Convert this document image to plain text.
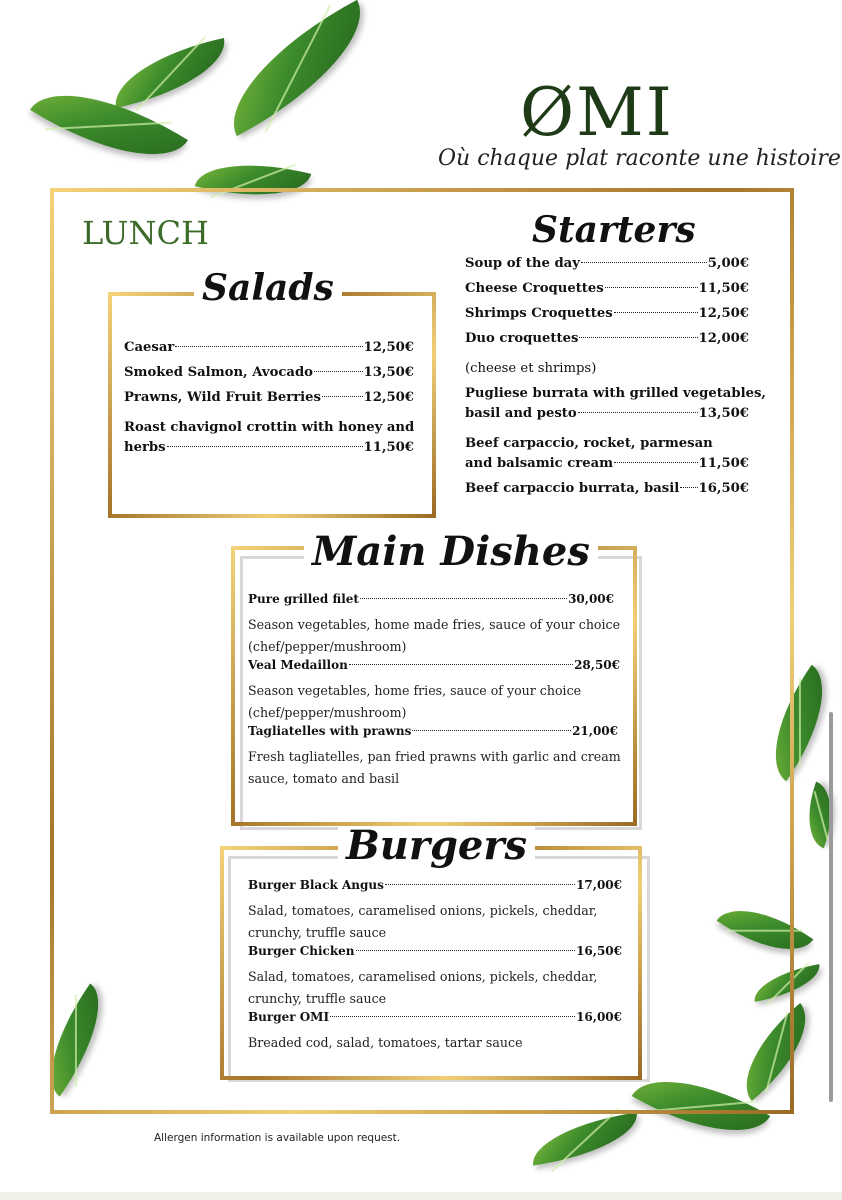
ØMI
Où chaque plat raconte une histoire
LUNCH
Salads
Caesar	12,50€
Smoked Salmon, Avocado	13,50€
Prawns, Wild Fruit Berries	12,50€
Roast chavignol crottin with honey and
herbs	11,50€
Starters
Soup of the day	5,00€
Cheese Croquettes	11,50€
Shrimps Croquettes	12,50€
Duo croquettes	12,00€
(cheese et shrimps)
Pugliese burrata with grilled vegetables,
basil and pesto	13,50€
Beef carpaccio, rocket, parmesan
and balsamic cream	11,50€
Beef carpaccio burrata, basil 16,50€
Main Dishes
Pure grilled filet	30,00€
Season vegetables, home made fries, sauce of your choice
(chef/pepper/mushroom)
Veal Medaillon	28,50€
Season vegetables, home fries, sauce of your choice
(chef/pepper/mushroom)
Tagliatelles with prawns	21,00€
Fresh tagliatelles, pan fried prawns with garlic and cream
sauce, tomato and basil
Burgers
Burger Black Angus	17,00€
Salad, tomatoes, caramelised onions, pickels, cheddar,
crunchy, truffle sauce
Burger Chicken	16,50€
Salad, tomatoes, caramelised onions, pickels, cheddar,
crunchy, truffle sauce
Burger OMI	16,00€
Breaded cod, salad, tomatoes, tartar sauce
Allergen information is available upon request.
